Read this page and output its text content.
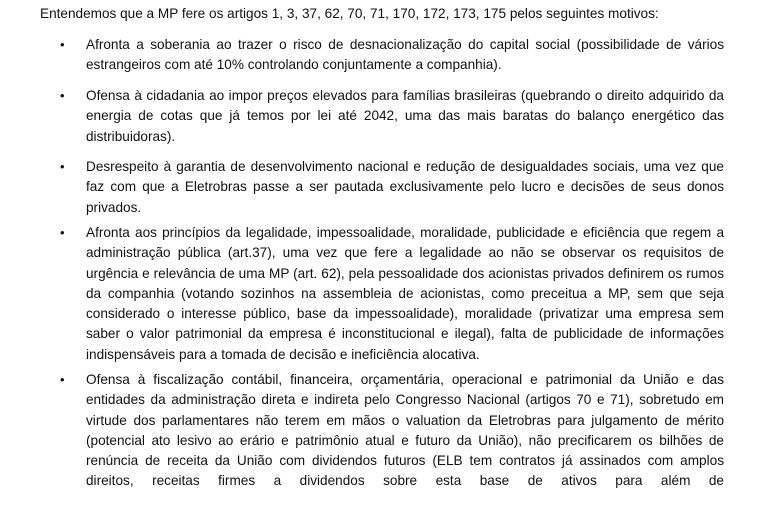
Entendemos que a MP fere os artigos 1, 3, 37, 62, 70, 71, 170, 172, 173, 175 pelos seguintes motivos:
• Afronta a soberania ao trazer o risco de desnacionalização do capital social (possibilidade de vários estrangeiros com até 10% controlando conjuntamente a companhia).
• Ofensa à cidadania ao impor preços elevados para famílias brasileiras (quebrando o direito adquirido da energia de cotas que já temos por lei até 2042, uma das mais baratas do balanço energético das distribuidoras).
• Desrespeito à garantia de desenvolvimento nacional e redução de desigualdades sociais, uma vez que faz com que a Eletrobras passe a ser pautada exclusivamente pelo lucro e decisões de seus donos privados.
• Afronta aos princípios da legalidade, impessoalidade, moralidade, publicidade e eficiência que regem a administração pública (art.37), uma vez que fere a legalidade ao não se observar os requisitos de urgência e relevância de uma MP (art. 62), pela pessoalidade dos acionistas privados definirem os rumos da companhia (votando sozinhos na assembleia de acionistas, como preceitua a MP, sem que seja considerado o interesse público, base da impessoalidade), moralidade (privatizar uma empresa sem saber o valor patrimonial da empresa é inconstitucional e ilegal), falta de publicidade de informações indispensáveis para a tomada de decisão e ineficiência alocativa.
• Ofensa à fiscalização contábil, financeira, orçamentária, operacional e patrimonial da União e das entidades da administração direta e indireta pelo Congresso Nacional (artigos 70 e 71), sobretudo em virtude dos parlamentares não terem em mãos o valuation da Eletrobras para julgamento de mérito (potencial ato lesivo ao erário e patrimônio atual e futuro da União), não precificarem os bilhões de renúncia de receita da União com dividendos futuros (ELB tem contratos já assinados com amplos direitos, receitas firmes a dividendos sobre esta base de ativos para além de
